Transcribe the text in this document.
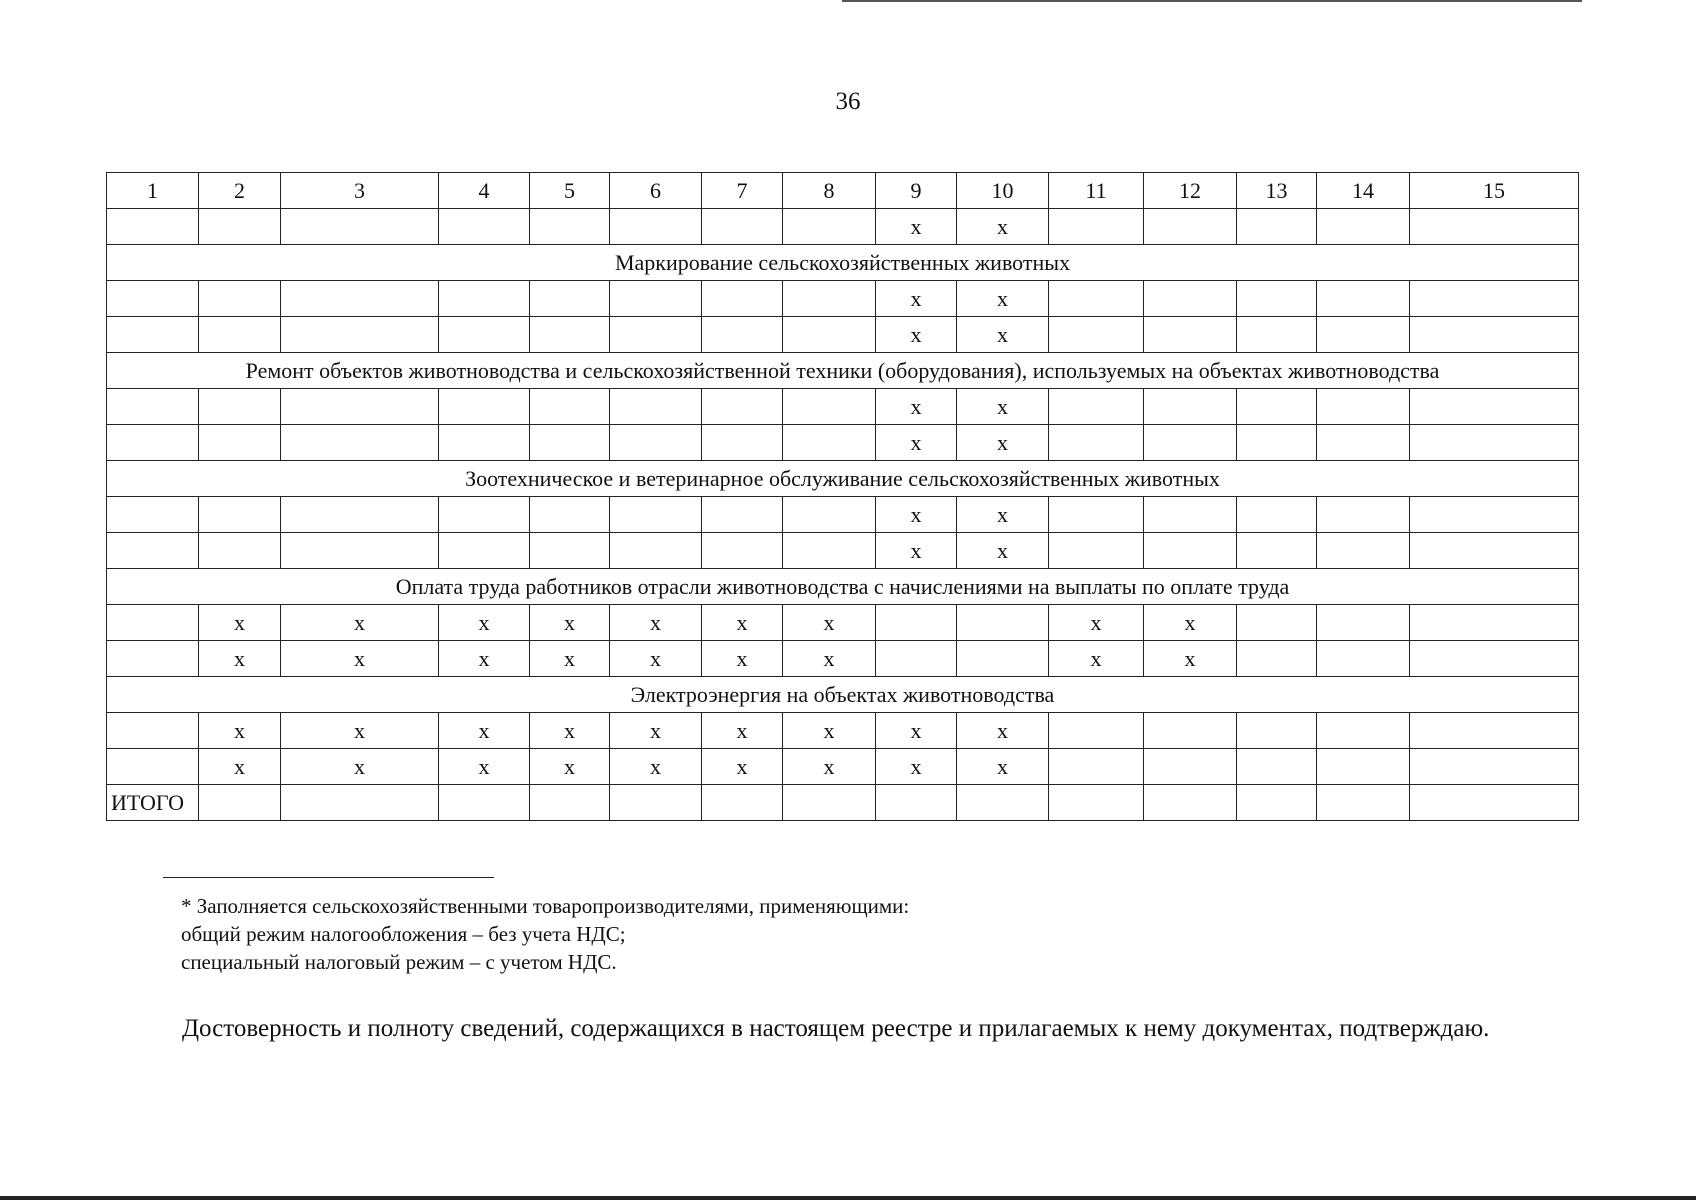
36
1	2	3	4	5	6	7	8	9	10	11	12	13	14	15
								x	x					
Маркирование сельскохозяйственных животных														
								x	x					
								x	x					
Ремонт объектов животноводства и сельскохозяйственной техники (оборудования), используемых на объектах животноводства														
								x	x					
								x	x					
Зоотехническое и ветеринарное обслуживание сельскохозяйственных животных														
								x	x					
								x	x					
Оплата труда работников отрасли животноводства с начислениями на выплаты по оплате труда														
	x	x	x	x	x	x	x			x	x			
	x	x	x	x	x	x	x			x	x			
Электроэнергия на объектах животноводства														
	x	x	x	x	x	x	x	x	x					
	x	x	x	x	x	x	x	x	x					
ИТОГО														
* Заполняется сельскохозяйственными товаропроизводителями, применяющими:
общий режим налогообложения – без учета НДС;
специальный налоговый режим – с учетом НДС.
Достоверность и полноту сведений, содержащихся в настоящем реестре и прилагаемых к нему документах, подтверждаю.
